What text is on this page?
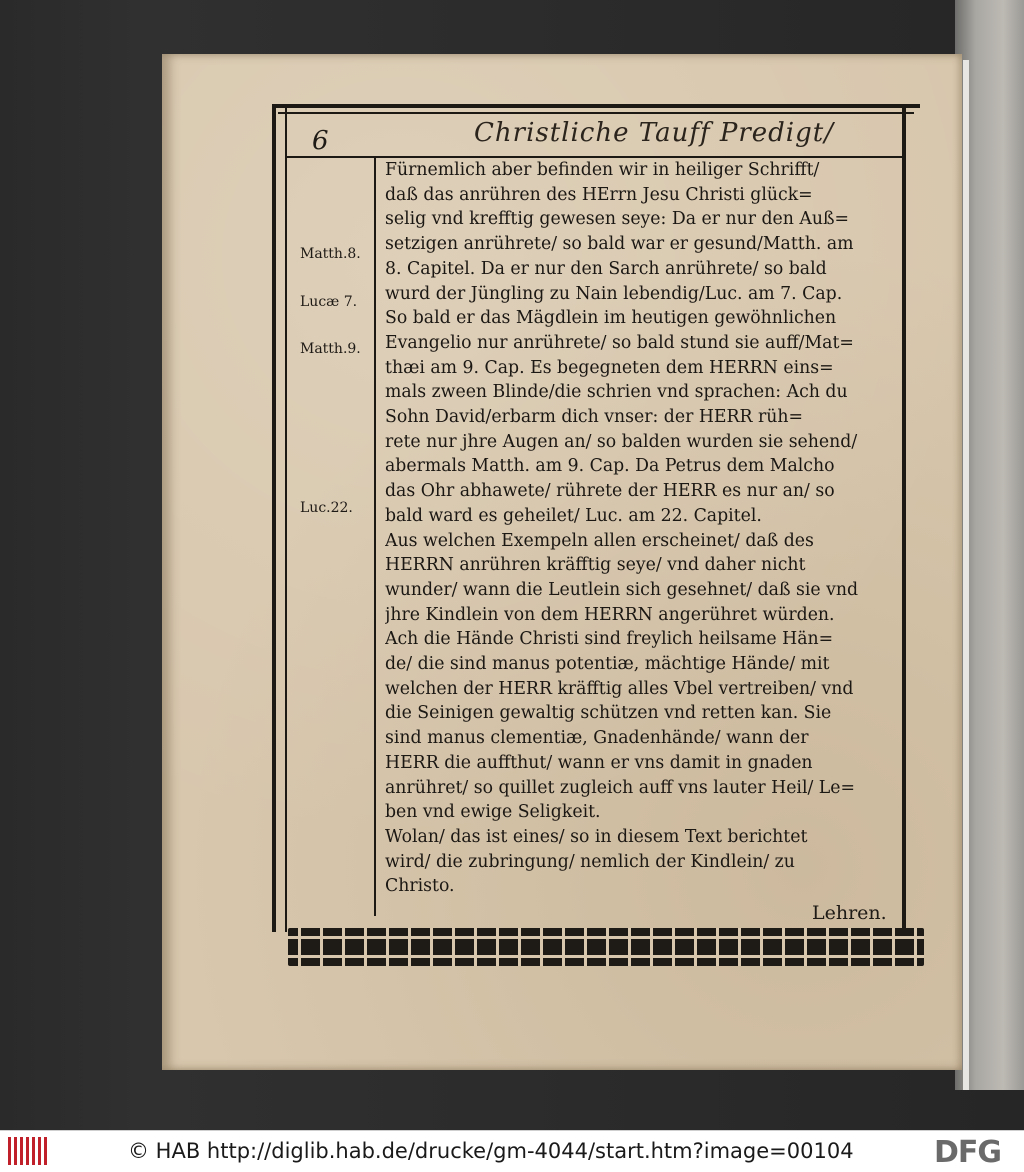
6	Christliche Tauff Predigt/
Matth.8.
Lucæ 7.
Matth.9.
Luc.22.
Fürnemlich aber befinden wir in heiliger Schrifft/
daß das anrühren des HErrn Jesu Christi glück=
selig vnd krefftig gewesen seye: Da er nur den Auß=
setzigen anrührete/ so bald war er gesund/Matth. am
8. Capitel. Da er nur den Sarch anrührete/ so bald
wurd der Jüngling zu Nain lebendig/Luc. am 7. Cap.
So bald er das Mägdlein im heutigen gewöhnlichen
Evangelio nur anrührete/ so bald stund sie auff/Mat=
thæi am 9. Cap. Es begegneten dem HERRN eins=
mals zween Blinde/die schrien vnd sprachen: Ach du
Sohn David/erbarm dich vnser: der HERR rüh=
rete nur jhre Augen an/ so balden wurden sie sehend/
abermals Matth. am 9. Cap. Da Petrus dem Malcho
das Ohr abhawete/ rührete der HERR es nur an/ so
bald ward es geheilet/ Luc. am 22. Capitel.
Aus welchen Exempeln allen erscheinet/ daß des
HERRN anrühren kräfftig seye/ vnd daher nicht
wunder/ wann die Leutlein sich gesehnet/ daß sie vnd
jhre Kindlein von dem HERRN angerühret würden.
Ach die Hände Christi sind freylich heilsame Hän=
de/ die sind manus potentiæ, mächtige Hände/ mit
welchen der HERR kräfftig alles Vbel vertreiben/ vnd
die Seinigen gewaltig schützen vnd retten kan. Sie
sind manus clementiæ, Gnadenhände/ wann der
HERR die auffthut/ wann er vns damit in gnaden
anrühret/ so quillet zugleich auff vns lauter Heil/ Le=
ben vnd ewige Seligkeit.
Wolan/ das ist eines/ so in diesem Text berichtet
wird/ die zubringung/ nemlich der Kindlein/ zu
Christo.
Lehren.
© HAB http://diglib.hab.de/drucke/gm-4044/start.htm?image=00104	DFG
